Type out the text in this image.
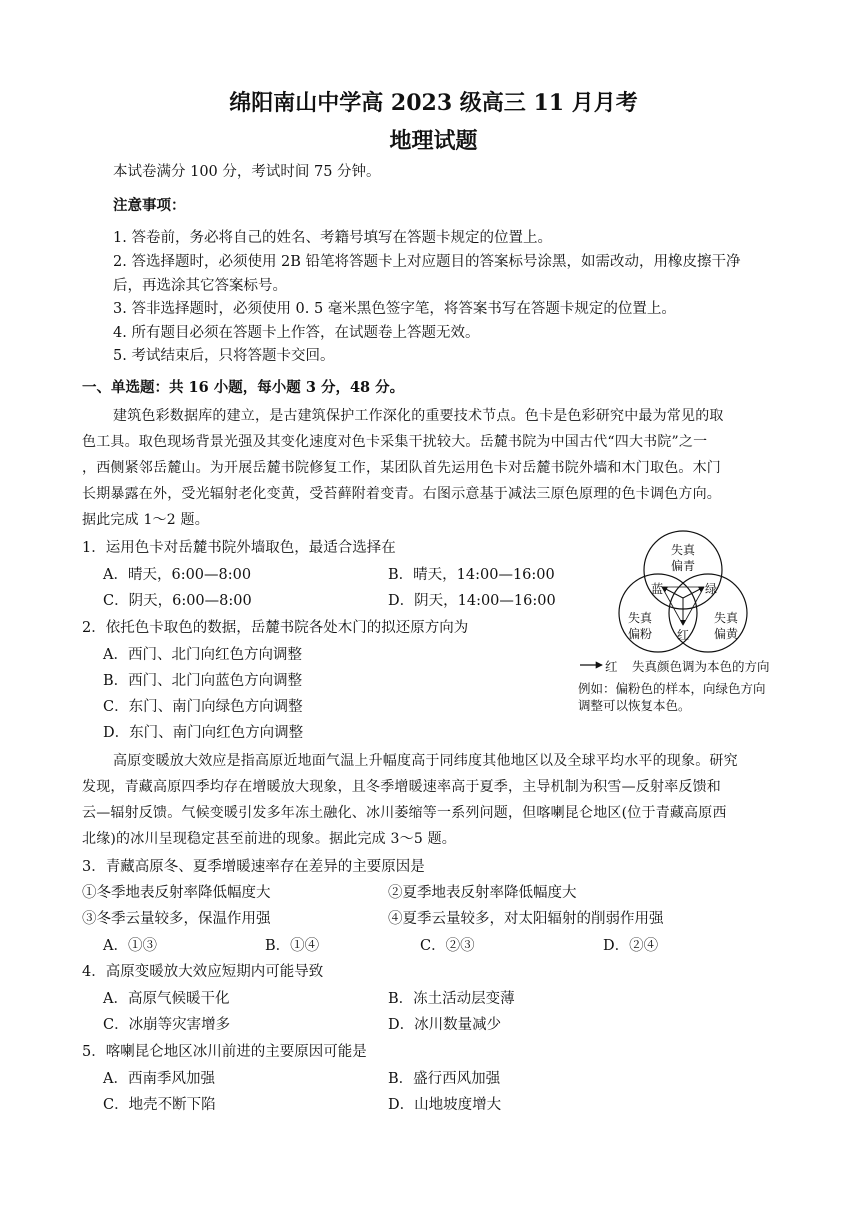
绵阳南山中学高 2023 级高三 11 月月考
地理试题
本试卷满分 100 分，考试时间 75 分钟。
注意事项：
1. 答卷前，务必将自己的姓名、考籍号填写在答题卡规定的位置上。
2. 答选择题时，必须使用 2B 铅笔将答题卡上对应题目的答案标号涂黑，如需改动，用橡皮擦干净
后，再选涂其它答案标号。
3. 答非选择题时，必须使用 0. 5 毫米黑色签字笔，将答案书写在答题卡规定的位置上。
4. 所有题目必须在答题卡上作答，在试题卷上答题无效。
5. 考试结束后，只将答题卡交回。
一、单选题：共 16 小题，每小题 3 分，48 分。
建筑色彩数据库的建立，是古建筑保护工作深化的重要技术节点。色卡是色彩研究中最为常见的取
色工具。取色现场背景光强及其变化速度对色卡采集干扰较大。岳麓书院为中国古代“四大书院”之一
，西侧紧邻岳麓山。为开展岳麓书院修复工作，某团队首先运用色卡对岳麓书院外墙和木门取色。木门
长期暴露在外，受光辐射老化变黄，受苔藓附着变青。右图示意基于减法三原色原理的色卡调色方向。
据此完成 1～2 题。
1．运用色卡对岳麓书院外墙取色，最适合选择在
A．晴天，6:00—8:00	B．晴天，14:00—16:00
C．阴天，6:00—8:00	D．阴天，14:00—16:00
2．依托色卡取色的数据，岳麓书院各处木门的拟还原方向为
A．西门、北门向红色方向调整
B．西门、北门向蓝色方向调整
C．东门、南门向绿色方向调整
D．东门、南门向红色方向调整
失真
偏青
失真
偏粉
失真
偏黄
蓝	绿
红
红 失真颜色调为本色的方向
例如：偏粉色的样本，向绿色方向
调整可以恢复本色。
高原变暖放大效应是指高原近地面气温上升幅度高于同纬度其他地区以及全球平均水平的现象。研究
发现，青藏高原四季均存在增暖放大现象，且冬季增暖速率高于夏季，主导机制为积雪—反射率反馈和
云—辐射反馈。气候变暖引发多年冻土融化、冰川萎缩等一系列问题，但喀喇昆仑地区(位于青藏高原西
北缘)的冰川呈现稳定甚至前进的现象。据此完成 3～5 题。
3．青藏高原冬、夏季增暖速率存在差异的主要原因是
①冬季地表反射率降低幅度大	②夏季地表反射率降低幅度大
③冬季云量较多，保温作用强	④夏季云量较多，对太阳辐射的削弱作用强
A．①③	B．①④	C．②③	D．②④
4．高原变暖放大效应短期内可能导致
A．高原气候暖干化	B．冻土活动层变薄
C．冰崩等灾害增多	D．冰川数量减少
5．喀喇昆仑地区冰川前进的主要原因可能是
A．西南季风加强	B．盛行西风加强
C．地壳不断下陷	D．山地坡度增大
